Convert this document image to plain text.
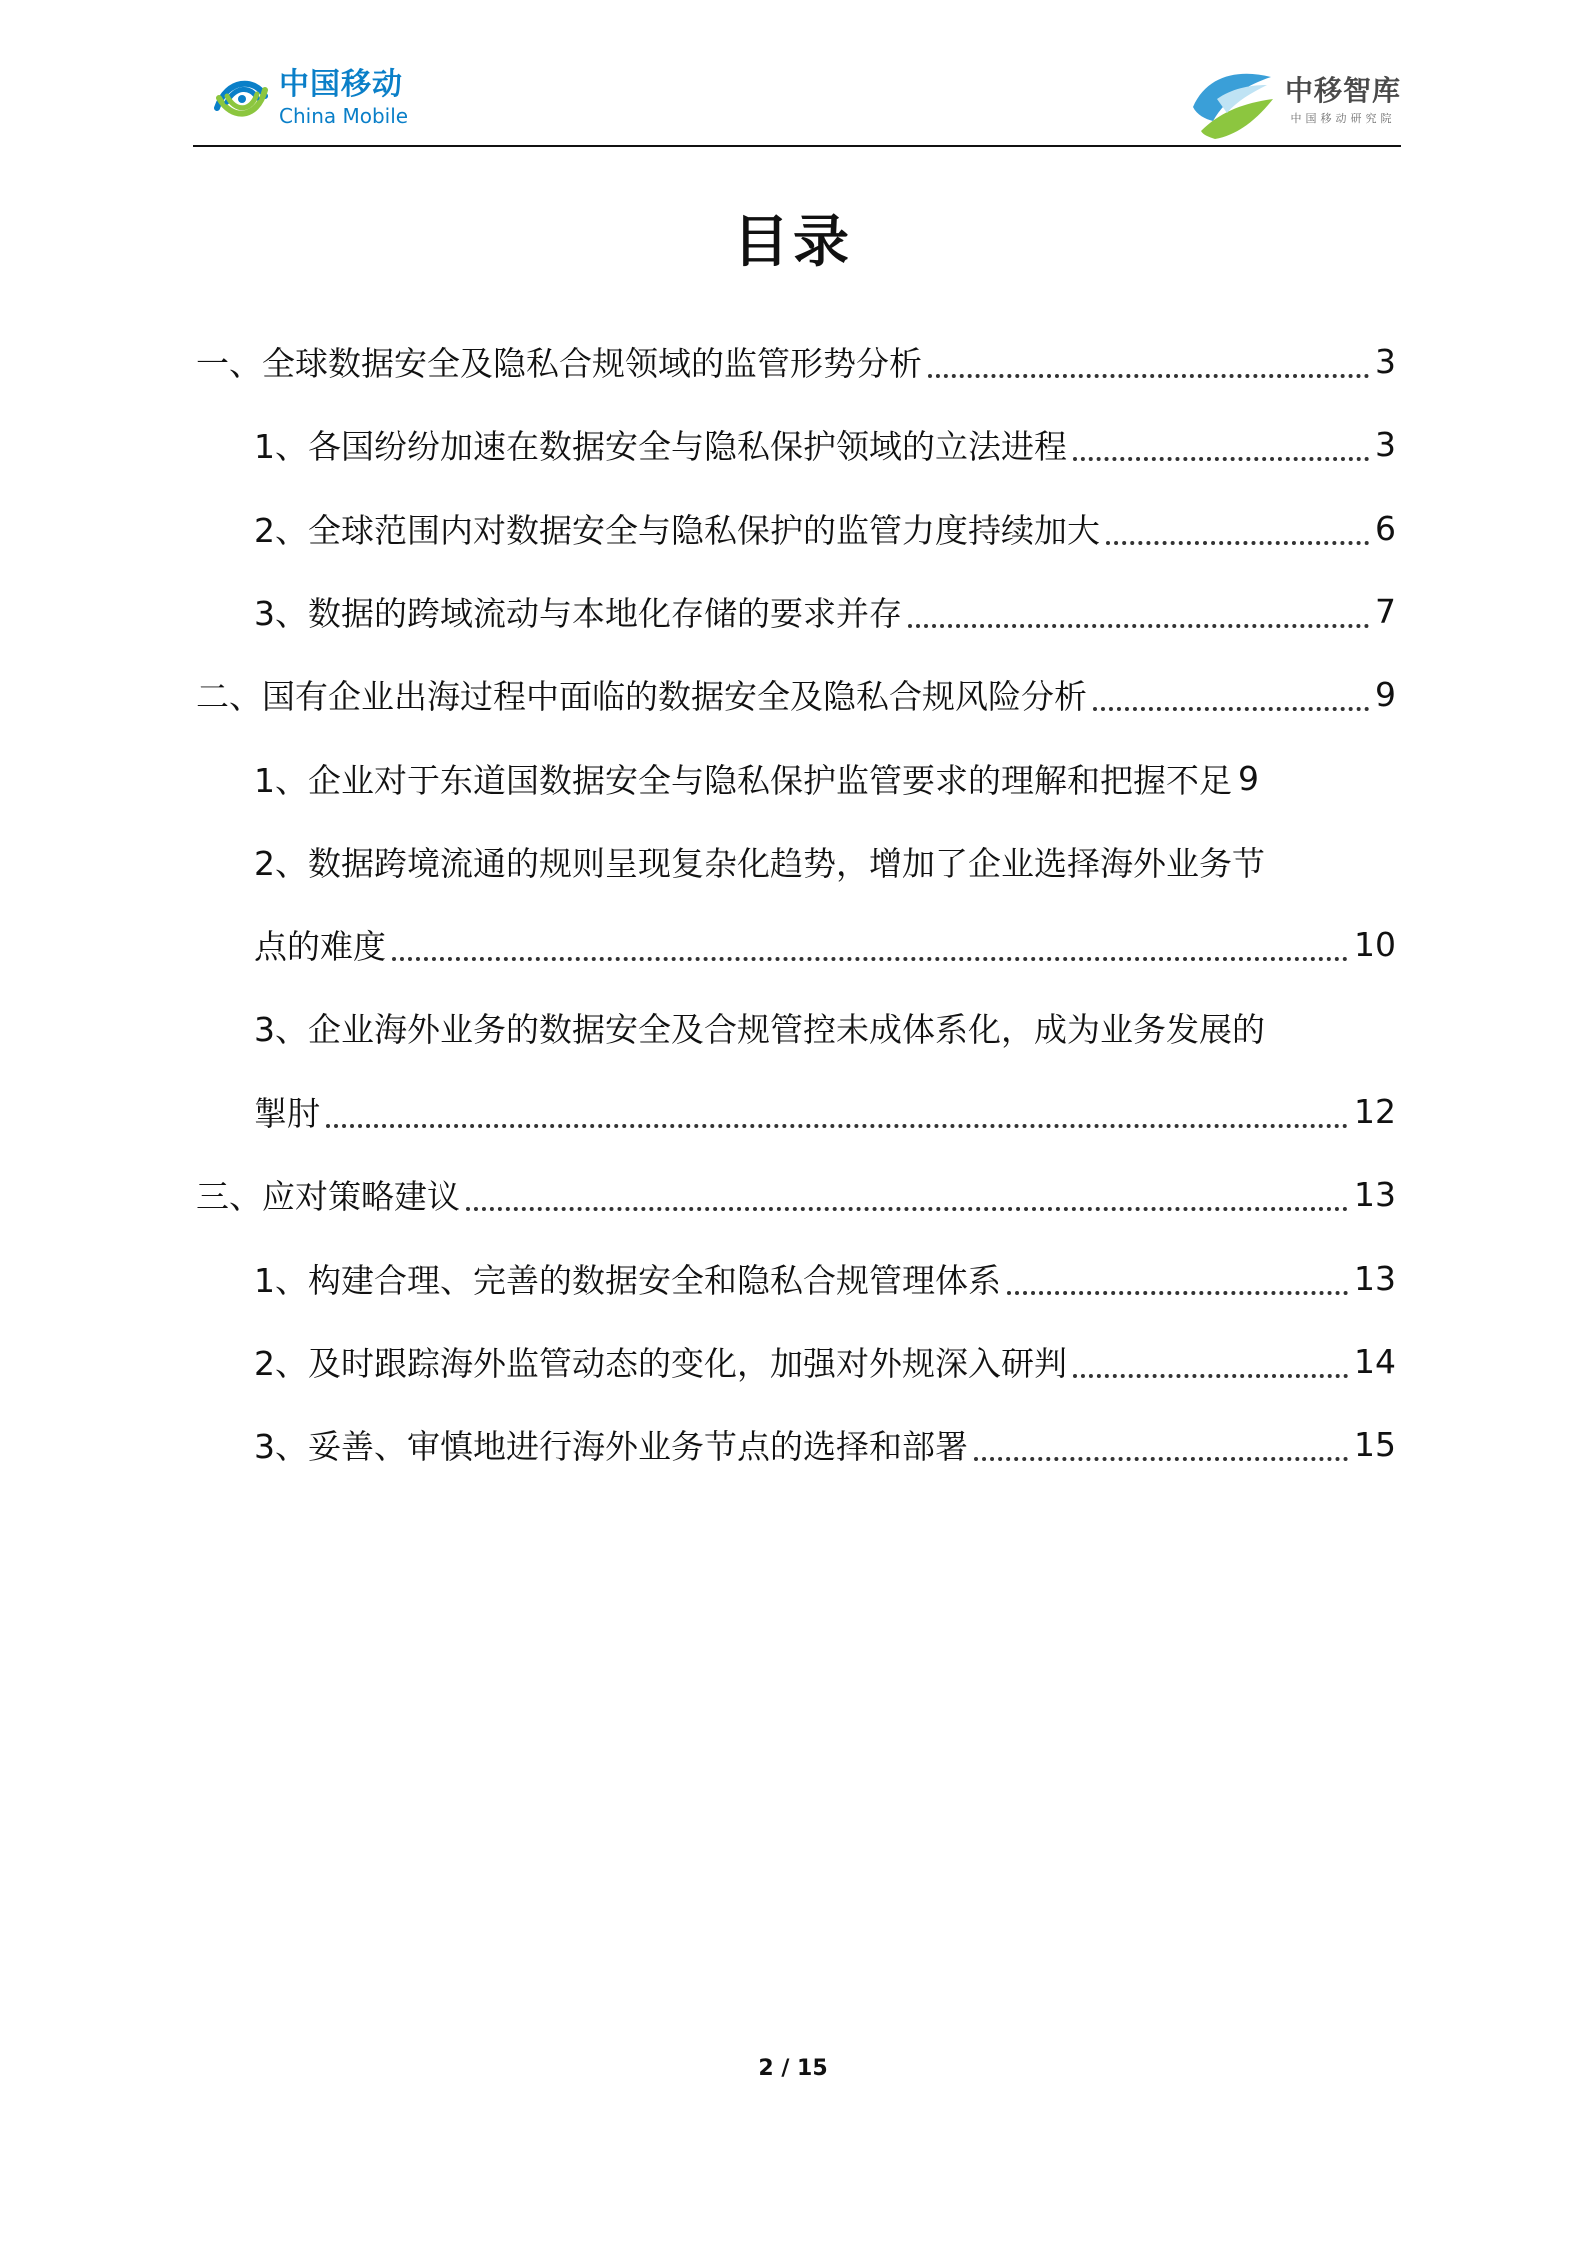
中国移动
China Mobile
中移智库
中国移动研究院
目录
一、全球数据安全及隐私合规领域的监管形势分析	3
1、各国纷纷加速在数据安全与隐私保护领域的立法进程	3
2、全球范围内对数据安全与隐私保护的监管力度持续加大	6
3、数据的跨域流动与本地化存储的要求并存	7
二、国有企业出海过程中面临的数据安全及隐私合规风险分析	9
1、企业对于东道国数据安全与隐私保护监管要求的理解和把握不足 9
2、数据跨境流通的规则呈现复杂化趋势，增加了企业选择海外业务节
点的难度	10
3、企业海外业务的数据安全及合规管控未成体系化，成为业务发展的
掣肘	12
三、应对策略建议	13
1、构建合理、完善的数据安全和隐私合规管理体系	13
2、及时跟踪海外监管动态的变化，加强对外规深入研判	14
3、妥善、审慎地进行海外业务节点的选择和部署	15
2 / 15
